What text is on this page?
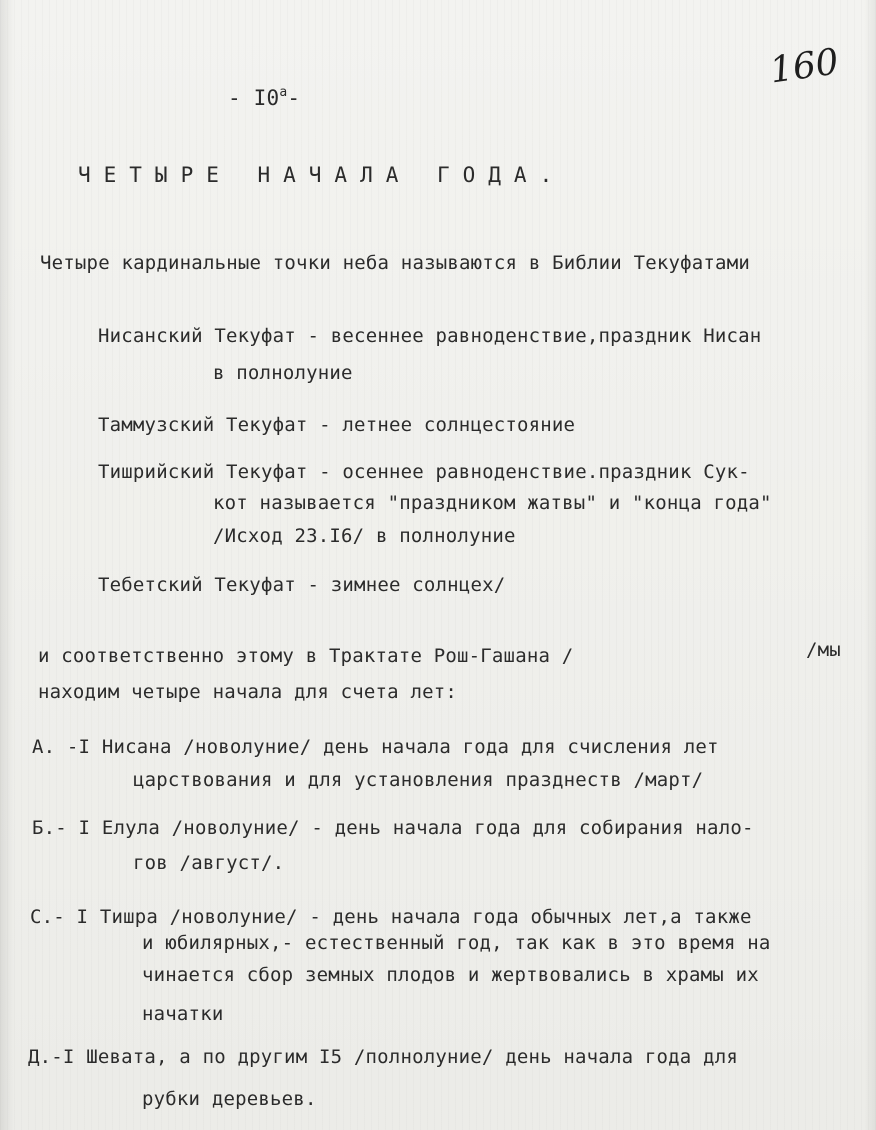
- I0$^a$-
160
ЧЕТЫРЕ НАЧАЛА ГОДА.
Четыре кардинальные точки неба называются в Библии Текуфатами
Нисанский Текуфат - весеннее равноденствие,праздник Нисан
в полнолуние
Таммузский Текуфат - летнее солнцестояние
Тишрийский Текуфат - осеннее равноденствие.праздник Сук-
кот называется "праздником жатвы" и "конца года"
/Исход 23.I6/ в полнолуние
Тебетский Текуфат - зимнее солнцех/
и соответственно этому в Трактате Рош-Гашана /	/мы
находим четыре начала для счета лет:
А. -I Нисана /новолуние/ день начала года для счисления лет
царствования и для установления празднеств /март/
Б.- I Елула /новолуние/ - день начала года для собирания нало-
гов /август/.
С.- I Тишра /новолуние/ - день начала года обычных лет,а также
и юбилярных,- естественный год, так как в это время на
чинается сбор земных плодов и жертвовались в храмы их
начатки
Д.-I Шевата, а по другим I5 /полнолуние/ день начала года для
рубки деревьев.
